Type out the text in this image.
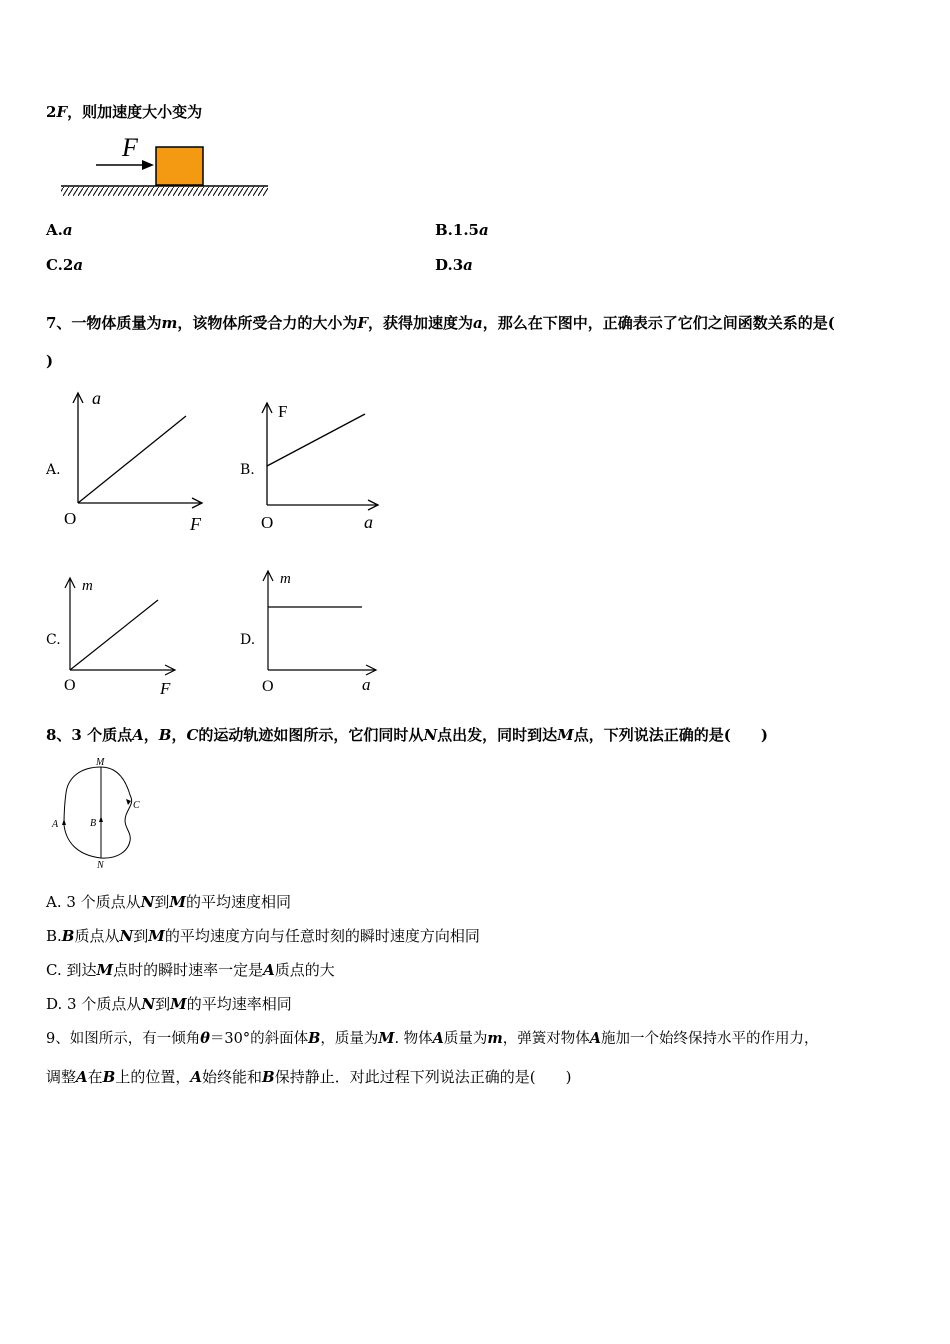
2F，则加速度大小变为
F
A.a	B.1.5a
C.2a	D.3a
7、一物体质量为m，该物体所受合力的大小为F，获得加速度为a，那么在下图中，正确表示了它们之间函数关系的是(
)
A.
a
F
O
B.
F
a
O
C.
m
F
O
D.
m
a
O
8、3 个质点A，B，C的运动轨迹如图所示，它们同时从N点出发，同时到达M点，下列说法正确的是(　　)
M
N
A	B
C
A. 3 个质点从N到M的平均速度相同
B.B质点从N到M的平均速度方向与任意时刻的瞬时速度方向相同
C. 到达M点时的瞬时速率一定是A质点的大
D. 3 个质点从N到M的平均速率相同
9、如图所示，有一倾角θ＝30°的斜面体B，质量为M. 物体A质量为m，弹簧对物体A施加一个始终保持水平的作用力，
调整A在B上的位置，A始终能和B保持静止．对此过程下列说法正确的是(　　)
